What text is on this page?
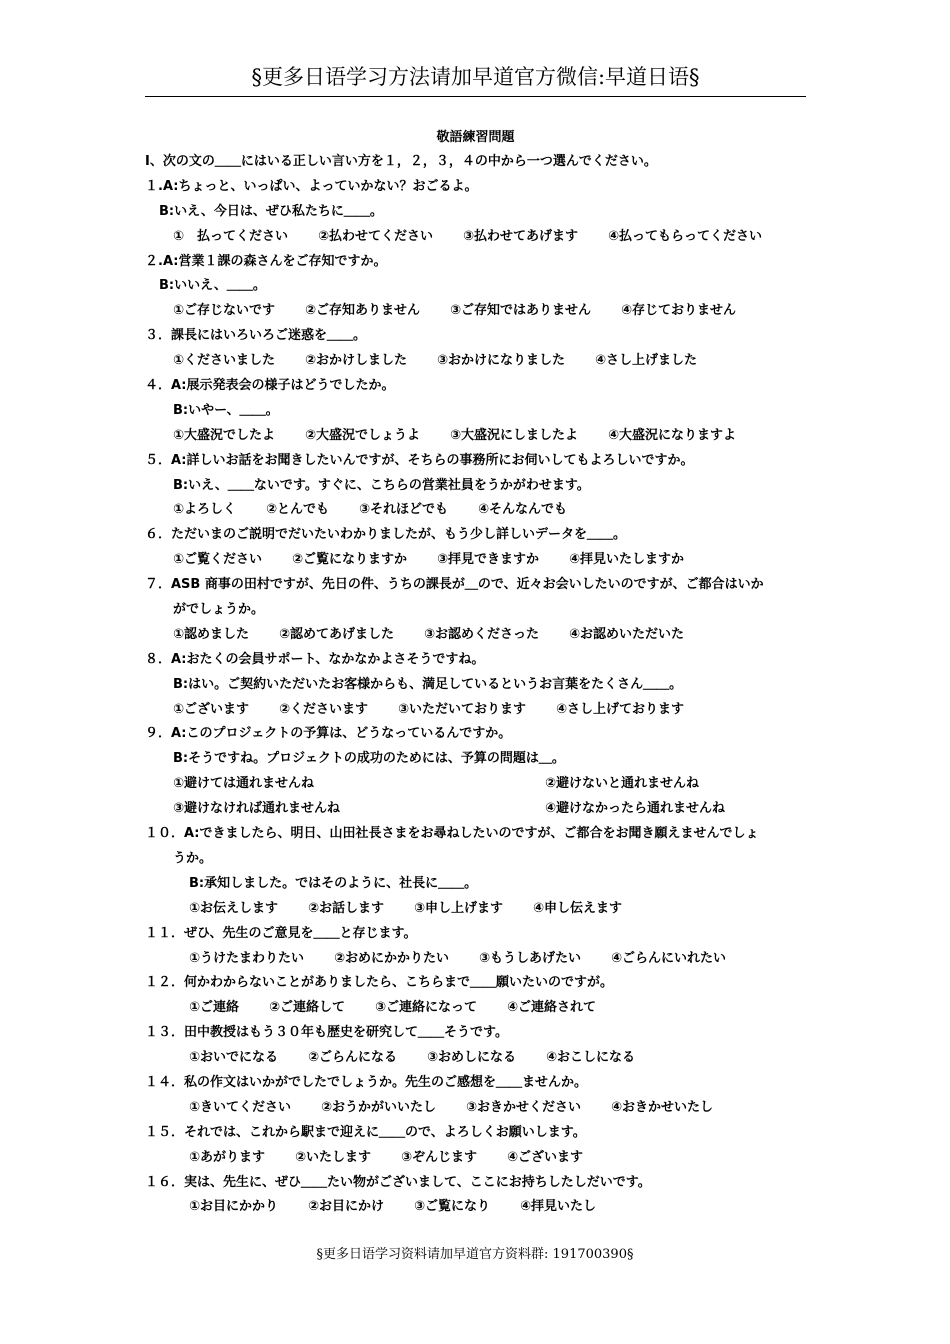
§更多日语学习方法请加早道官方微信:早道日语§
敬語練習問題
Ⅰ、次の文の＿＿にはいる正しい言い方を１，２，３，４の中から一つ選んでください。
１.A:ちょっと、いっぱい、よっていかない？おごるよ。
B:いえ、今日は、ぜひ私たちに＿＿。
①　払ってください ②払わせてください ③払わせてあげます ④払ってもらってください
２.A:営業１課の森さんをご存知ですか。
B:いいえ、＿＿。
①ご存じないです ②ご存知ありません ③ご存知ではありません ④存じておりません
３．課長にはいろいろご迷惑を＿＿。
①くださいました ②おかけしました ③おかけになりました ④さし上げました
４．A:展示発表会の様子はどうでしたか。
B:いやー、＿＿。
①大盛況でしたよ ②大盛況でしょうよ ③大盛況にしましたよ ④大盛況になりますよ
５．A:詳しいお話をお聞きしたいんですが、そちらの事務所にお伺いしてもよろしいですか。
B:いえ、＿＿ないです。すぐに、こちらの営業社員をうかがわせます。
①よろしく ②とんでも ③それほどでも ④そんなんでも
６．ただいまのご説明でだいたいわかりましたが、もう少し詳しいデータを＿＿。
①ご覧ください ②ご覧になりますか ③拝見できますか ④拝見いたしますか
７．ASB 商事の田村ですが、先日の件、うちの課長が＿ので、近々お会いしたいのですが、ご都合はいか
がでしょうか。
①認めました ②認めてあげました ③お認めくださった ④お認めいただいた
８．A:おたくの会員サポート、なかなかよさそうですね。
B:はい。ご契約いただいたお客様からも、満足しているというお言葉をたくさん＿＿。
①ございます ②くださいます ③いただいております ④さし上げております
９．A:このプロジェクトの予算は、どうなっているんですか。
B:そうですね。プロジェクトの成功のためには、予算の問題は＿。
①避けては通れませんね	②避けないと通れませんね
③避けなければ通れませんね	④避けなかったら通れませんね
１０．A:できましたら、明日、山田社長さまをお尋ねしたいのですが、ご都合をお聞き願えませんでしょ
うか。
B:承知しました。ではそのように、社長に＿＿。
①お伝えします ②お話します ③申し上げます ④申し伝えます
１１．ぜひ、先生のご意見を＿＿と存じます。
①うけたまわりたい ②おめにかかりたい ③もうしあげたい ④ごらんにいれたい
１２．何かわからないことがありましたら、こちらまで＿＿願いたいのですが。
①ご連絡 ②ご連絡して ③ご連絡になって ④ご連絡されて
１３．田中教授はもう３０年も歴史を研究して＿＿そうです。
①おいでになる ②ごらんになる ③おめしになる ④おこしになる
１４．私の作文はいかがでしたでしょうか。先生のご感想を＿＿ませんか。
①きいてください ②おうかがいいたし ③おきかせください ④おきかせいたし
１５．それでは、これから駅まで迎えに＿＿ので、よろしくお願いします。
①あがります ②いたします ③ぞんじます ④ございます
１６．実は、先生に、ぜひ＿＿たい物がございまして、ここにお持ちしたしだいです。
①お目にかかり ②お目にかけ ③ご覧になり ④拝見いたし
§更多日语学习资料请加早道官方资料群: 191700390§
